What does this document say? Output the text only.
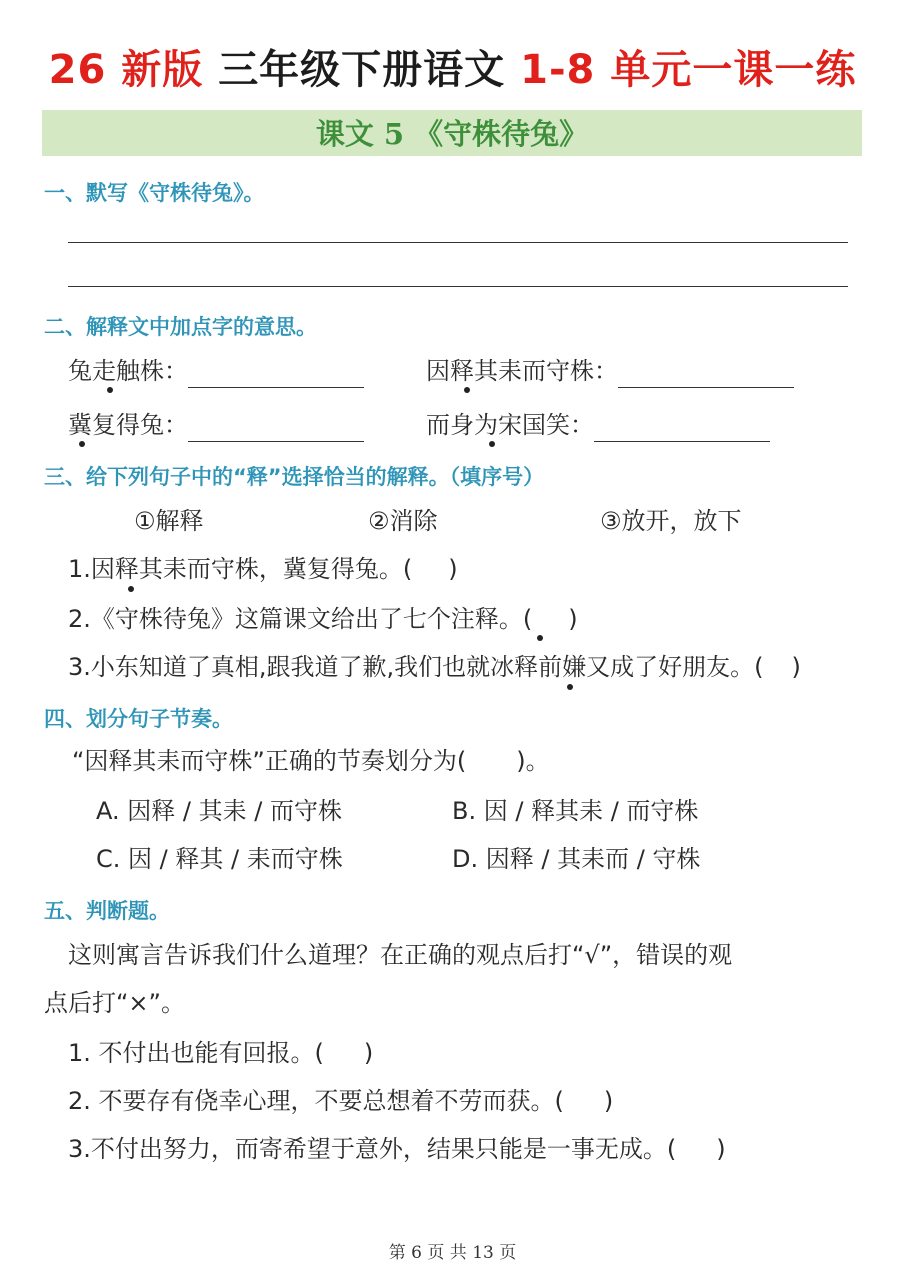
26 新版 三年级下册语文 1-8 单元一课一练
课文 5 《守株待兔》
一、默写《守株待兔》。
二、解释文中加点字的意思。
兔走触株：	因释其耒而守株：
冀复得兔：	而身为宋国笑：
三、给下列句子中的“释”选择恰当的解释。（填序号）
①解释	②消除	③放开，放下
1.因释其耒而守株，冀复得兔。( )
2.《守株待兔》这篇课文给出了七个注释。( )
3.小东知道了真相,跟我道了歉,我们也就冰释前嫌又成了好朋友。( )
四、划分句子节奏。
“因释其耒而守株”正确的节奏划分为( )。
A. 因释 / 其耒 / 而守株	B. 因 / 释其耒 / 而守株
C. 因 / 释其 / 耒而守株	D. 因释 / 其耒而 / 守株
五、判断题。
这则寓言告诉我们什么道理？在正确的观点后打“√”，错误的观
点后打“×”。
1. 不付出也能有回报。( )
2. 不要存有侥幸心理，不要总想着不劳而获。( )
3.不付出努力，而寄希望于意外，结果只能是一事无成。( )
第 6 页 共 13 页
